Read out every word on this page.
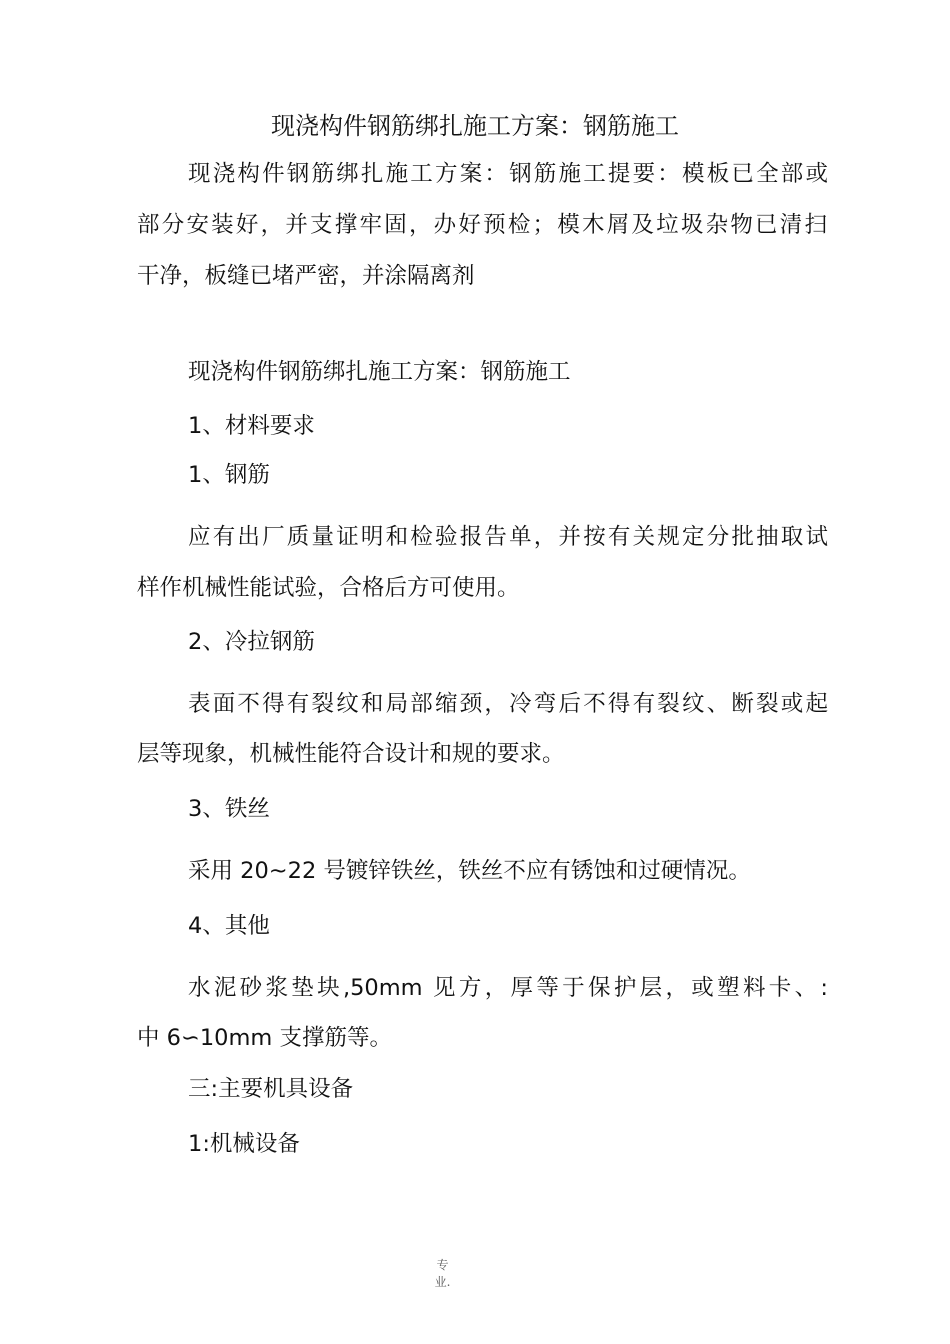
现浇构件钢筋绑扎施工方案：钢筋施工
现浇构件钢筋绑扎施工方案：钢筋施工提要：模板已全部或
部分安装好，并支撑牢固，办好预检；模木屑及垃圾杂物已清扫
干净，板缝已堵严密，并涂隔离剂
现浇构件钢筋绑扎施工方案：钢筋施工
1、材料要求
1、钢筋
应有出厂质量证明和检验报告单，并按有关规定分批抽取试
样作机械性能试验，合格后方可使用。
2、冷拉钢筋
表面不得有裂纹和局部缩颈，冷弯后不得有裂纹、断裂或起
层等现象，机械性能符合设计和规的要求。
3、铁丝
采用 20~22 号镀锌铁丝，铁丝不应有锈蚀和过硬情况。
4、其他
水泥砂浆垫块,50mm 见方，厚等于保护层，或塑料卡、:
中 6∽10mm 支撑筋等。
三:主要机具设备
1:机械设备
专
业.
